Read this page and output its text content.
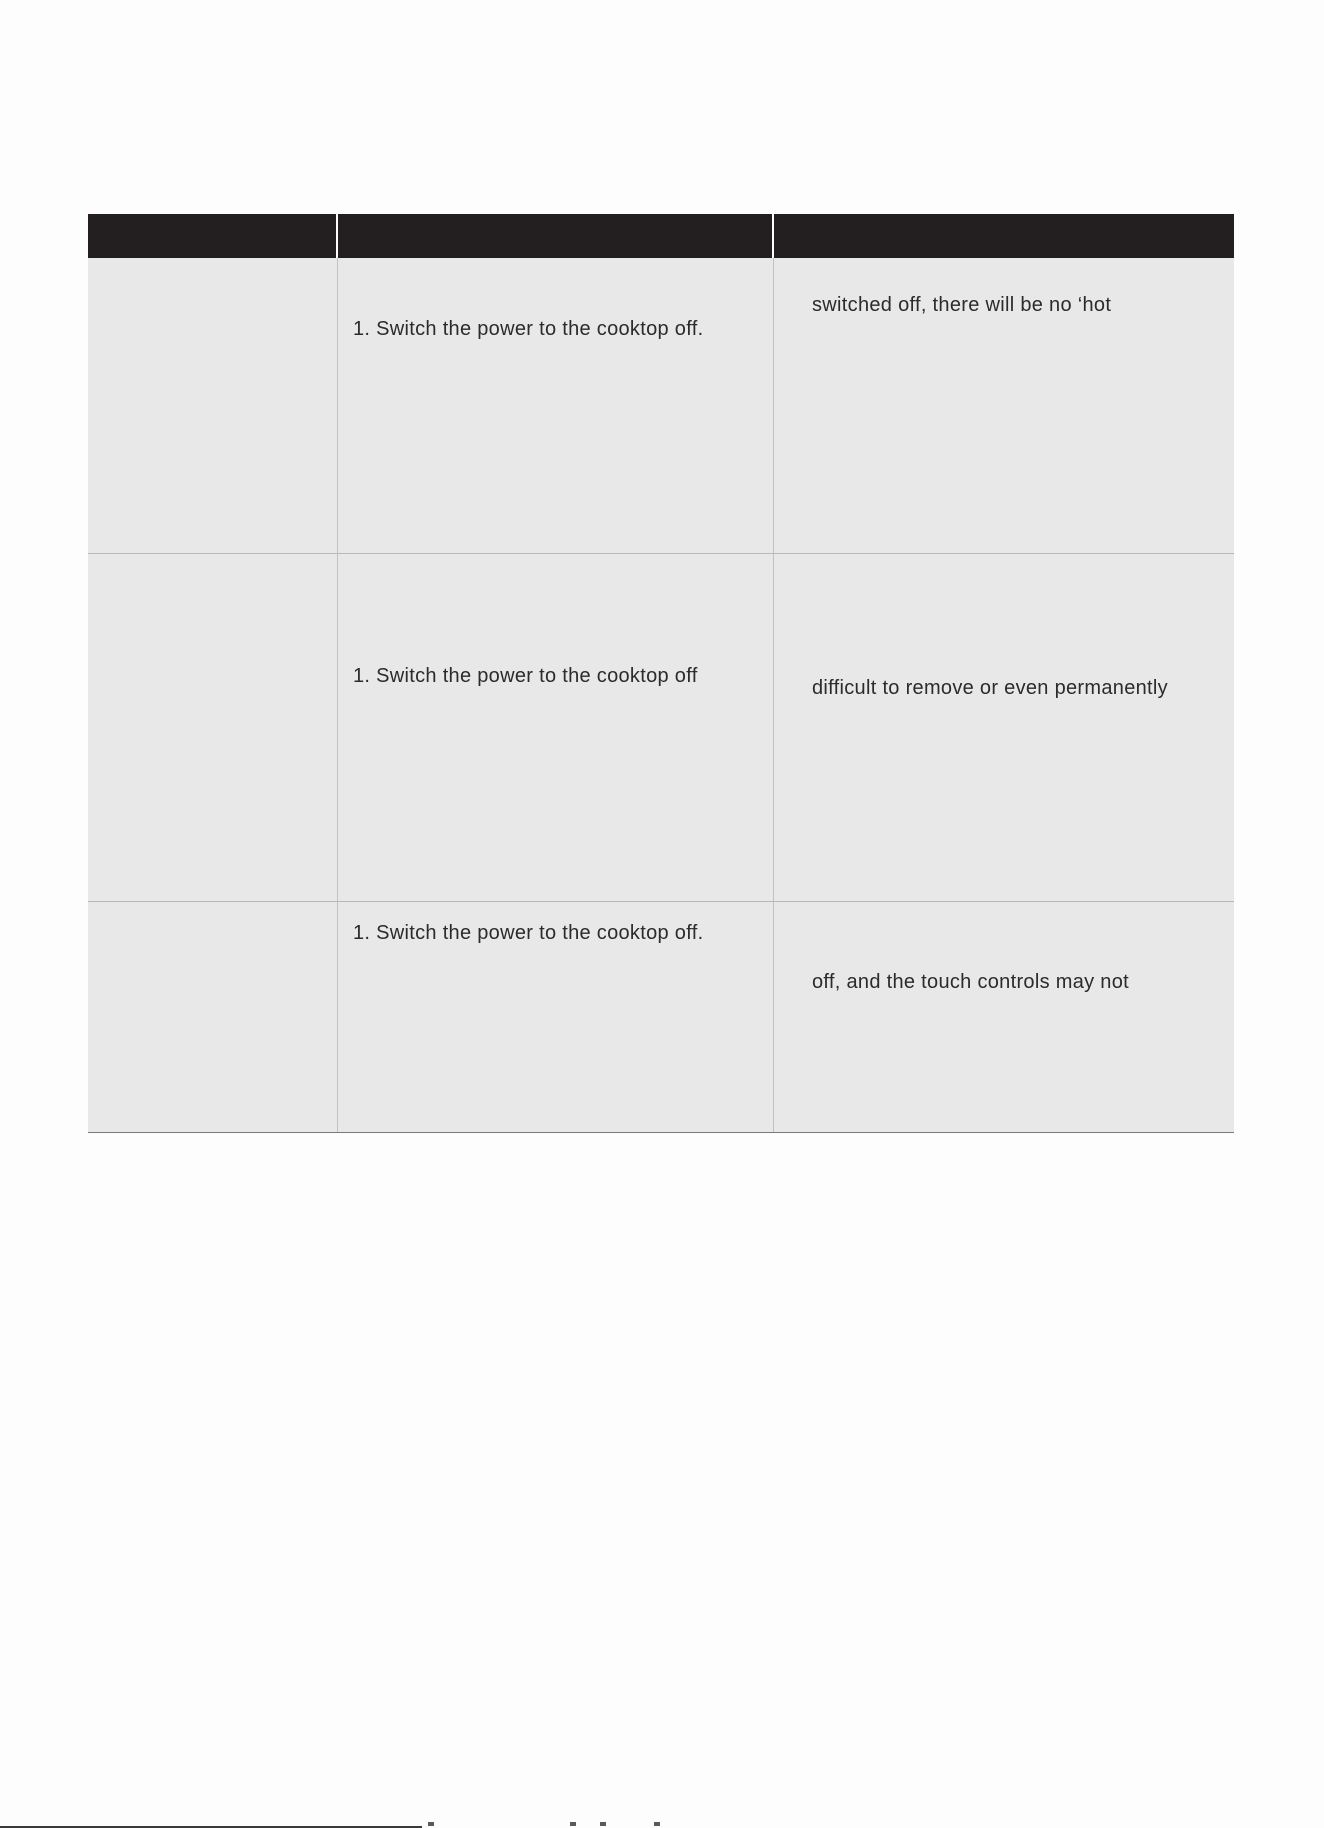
1. Switch the power to the cooktop off.
switched off, there will be no ‘hot
1. Switch the power to the cooktop off
difficult to remove or even permanently
1. Switch the power to the cooktop off.
off, and the touch controls may not
